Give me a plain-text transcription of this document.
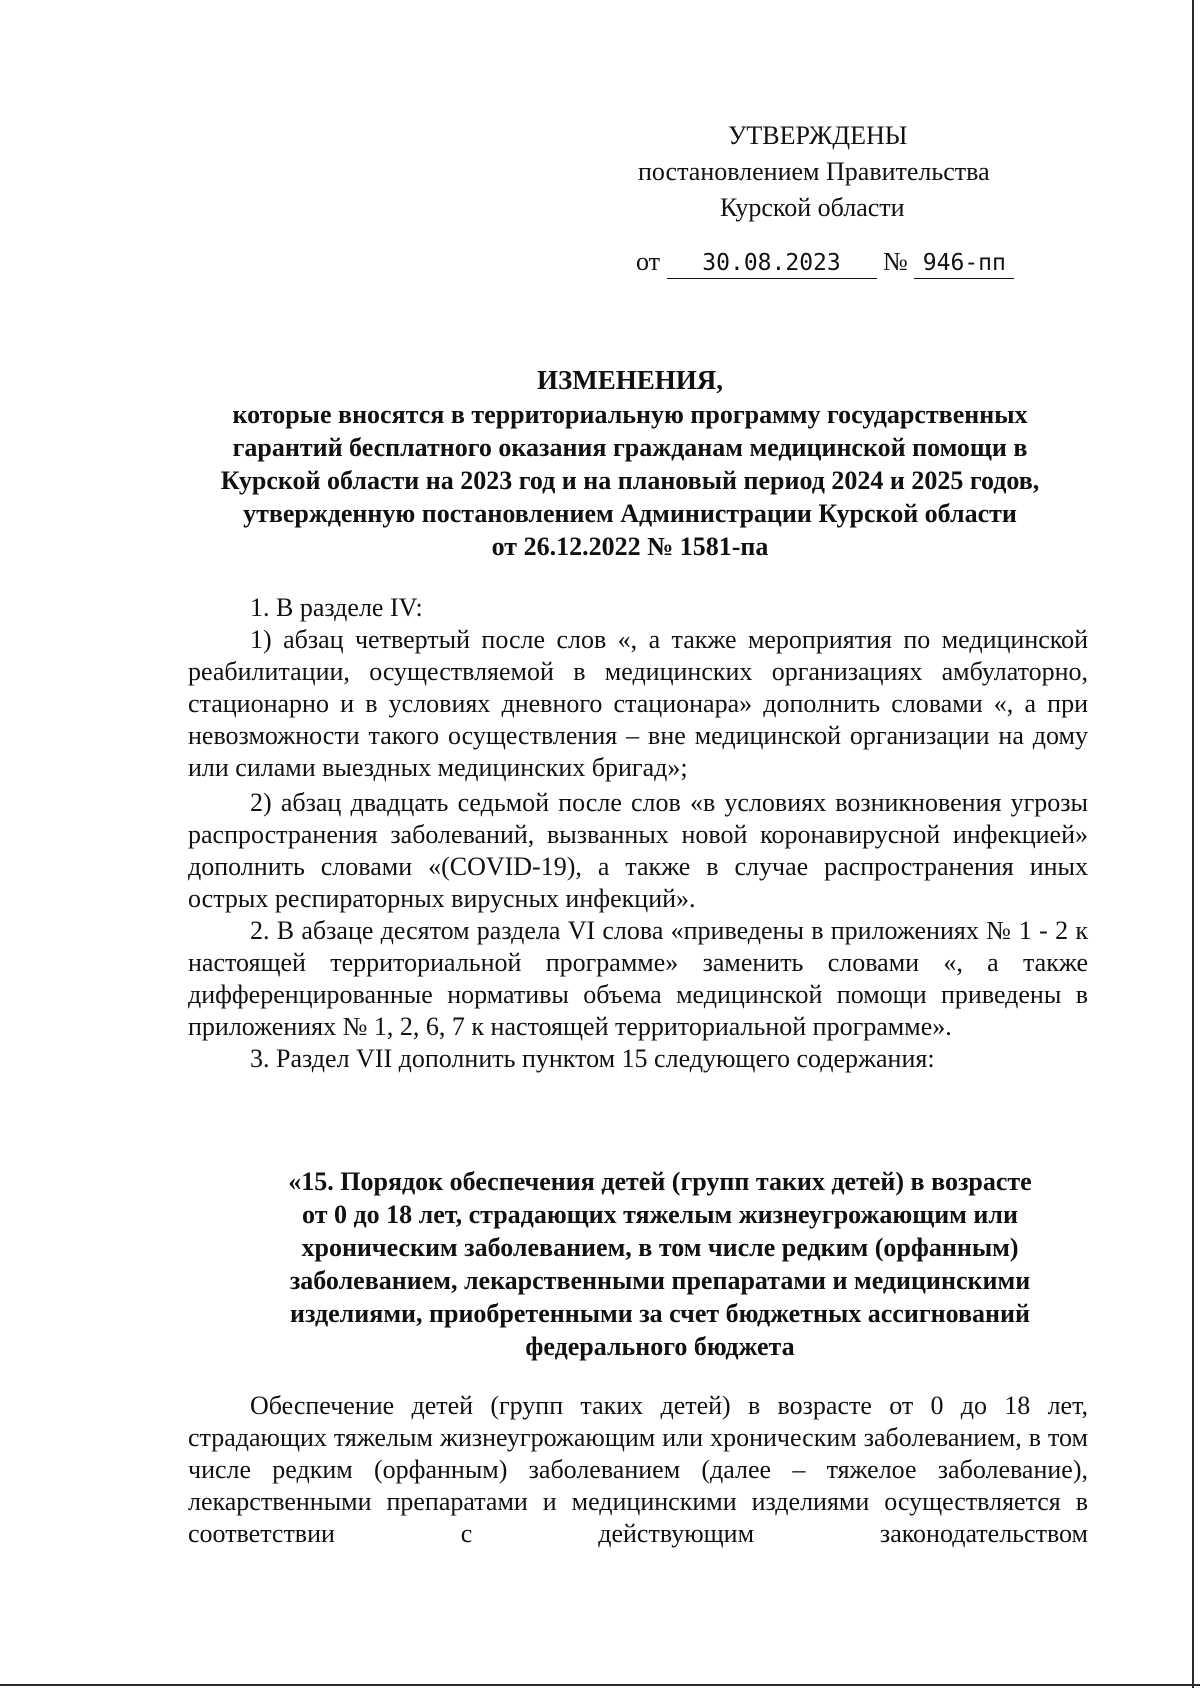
УТВЕРЖДЕНЫ
постановлением Правительства
Курской области
от 30.08.2023 № 946-пп
ИЗМЕНЕНИЯ,
которые вносятся в территориальную программу государственных
гарантий бесплатного оказания гражданам медицинской помощи в
Курской области на 2023 год и на плановый период 2024 и 2025 годов,
утвержденную постановлением Администрации Курской области
от 26.12.2022 № 1581-па

1. В разделе IV:

1) абзац четвертый после слов «, а также мероприятия по медицинской реабилитации, осуществляемой в медицинских организациях амбулаторно, стационарно и в условиях дневного стационара» дополнить словами «, а при невозможности такого осуществления – вне медицинской организации на дому или силами выездных медицинских бригад»;

2) абзац двадцать седьмой после слов «в условиях возникновения угрозы распространения заболеваний, вызванных новой коронавирусной инфекцией» дополнить словами «(COVID-19), а также в случае распространения иных острых респираторных вирусных инфекций».

2. В абзаце десятом раздела VI слова «приведены в приложениях № 1 - 2 к настоящей территориальной программе» заменить словами «, а также дифференцированные нормативы объема медицинской помощи приведены в приложениях № 1, 2, 6, 7 к настоящей территориальной программе».

3. Раздел VII дополнить пунктом 15 следующего содержания:

«15. Порядок обеспечения детей (групп таких детей) в возрасте
от 0 до 18 лет, страдающих тяжелым жизнеугрожающим или
хроническим заболеванием, в том числе редким (орфанным)
заболеванием, лекарственными препаратами и медицинскими
изделиями, приобретенными за счет бюджетных ассигнований
федерального бюджета

Обеспечение детей (групп таких детей) в возрасте от 0 до 18 лет, страдающих тяжелым жизнеугрожающим или хроническим заболеванием, в том числе редким (орфанным) заболеванием (далее – тяжелое заболевание), лекарственными препаратами и медицинскими изделиями осуществляется в соответствии с действующим законодательством
